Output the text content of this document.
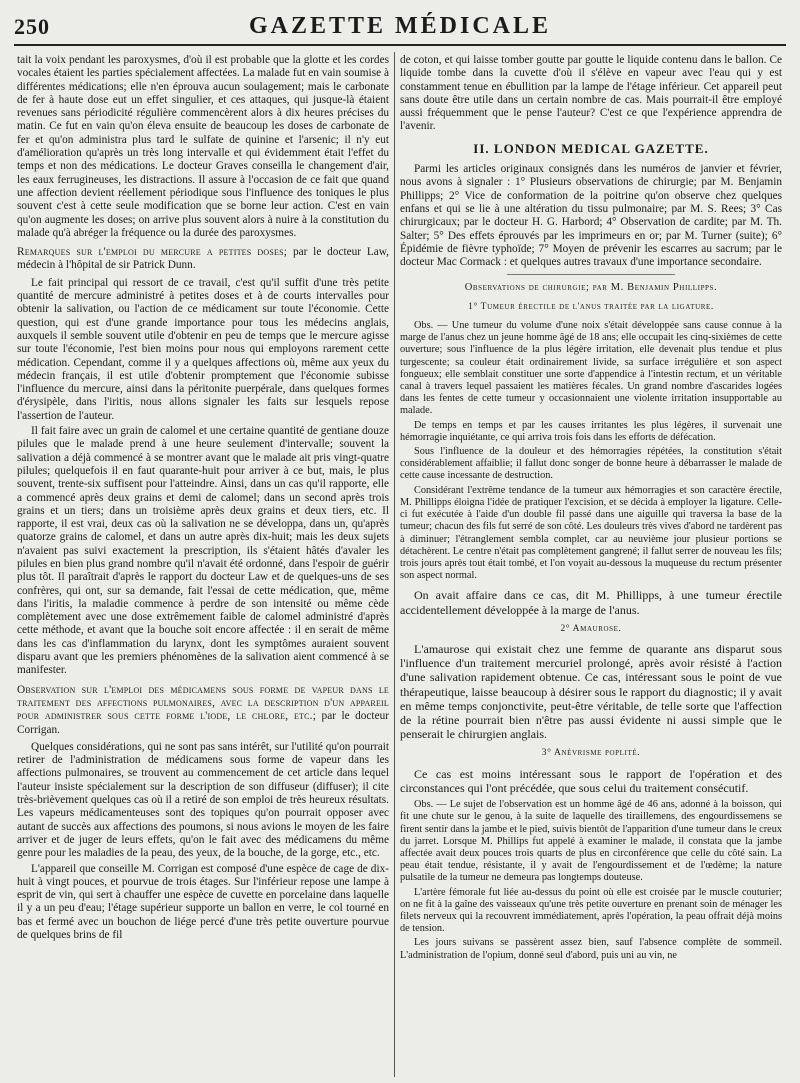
250	GAZETTE MÉDICALE

tait la voix pendant les paroxysmes, d'où il est probable que la glotte et les cordes vocales étaient les parties spécialement affectées. La malade fut en vain soumise à différentes médications; elle n'en éprouva aucun soulagement; mais le carbonate de fer à haute dose eut un effet singulier, et ces attaques, qui jusque-là étaient revenues sans périodicité régulière commencèrent alors à dix heures précises du matin. Ce fut en vain qu'on éleva ensuite de beaucoup les doses de carbonate de fer et qu'on administra plus tard le sulfate de quinine et l'arsenic; il n'y eut d'amélioration qu'après un très long intervalle et qui évidemment était l'effet du temps et non des médications. Le docteur Graves conseilla le changement d'air, les eaux ferrugineuses, les distractions. Il assure à l'occasion de ce fait que quand une affection devient réellement périodique sous l'influence des toniques le plus souvent c'est à cette seule modification que se borne leur action. C'est en vain qu'on augmente les doses; on arrive plus souvent alors à nuire à la constitution du malade qu'à abréger la fréquence ou la durée des paroxysmes.

Remarques sur l'emploi du mercure a petites doses; par le docteur Law, médecin à l'hôpital de sir Patrick Dunn.

Le fait principal qui ressort de ce travail, c'est qu'il suffit d'une très petite quantité de mercure administré à petites doses et à de courts intervalles pour obtenir la salivation, ou l'action de ce médicament sur toute l'économie. Cette question, qui est d'une grande importance pour tous les médecins anglais, auxquels il semble souvent utile d'obtenir en peu de temps que le mercure agisse sur toute l'économie, l'est bien moins pour nous qui employons rarement cette médication. Cependant, comme il y a quelques affections où, même aux yeux du médecin français, il est utile d'obtenir promptement que l'économie subisse l'influence du mercure, ainsi dans la péritonite puerpérale, dans quelques formes d'érysipèle, dans l'iritis, nous allons signaler les faits sur lesquels repose l'assertion de l'auteur.

Il fait faire avec un grain de calomel et une certaine quantité de gentiane douze pilules que le malade prend à une heure seulement d'intervalle; souvent la salivation a déjà commencé à se montrer avant que le malade ait pris vingt-quatre pilules; quelquefois il en faut quarante-huit pour arriver à ce but, mais, le plus souvent, trente-six suffisent pour l'atteindre. Ainsi, dans un cas qu'il rapporte, elle a commencé après deux grains et demi de calomel; dans un second après trois grains et un tiers; dans un troisième après deux grains et deux tiers, etc. Il rapporte, il est vrai, deux cas où la salivation ne se développa, dans un, qu'après quatorze grains de calomel, et dans un autre après dix-huit; mais les deux sujets n'avaient pas suivi exactement la prescription, ils s'étaient hâtés d'avaler les pilules en bien plus grand nombre qu'il n'avait été ordonné, dans l'espoir de guérir plus tôt. Il paraîtrait d'après le rapport du docteur Law et de quelques-uns de ses confrères, qui ont, sur sa demande, fait l'essai de cette médication, que, même dans l'iritis, la maladie commence à perdre de son intensité ou même cède complètement avec une dose extrêmement faible de calomel administré d'après cette méthode, et avant que la bouche soit encore affectée : il en serait de même dans les cas d'inflammation du larynx, dont les symptômes auraient souvent disparu avant que les premiers phénomènes de la salivation aient commencé à se manifester.

Observation sur l'emploi des médicamens sous forme de vapeur dans le traitement des affections pulmonaires, avec la description d'un appareil pour administrer sous cette forme l'iode, le chlore, etc.; par le docteur Corrigan.

Quelques considérations, qui ne sont pas sans intérêt, sur l'utilité qu'on pourrait retirer de l'administration de médicamens sous forme de vapeur dans les affections pulmonaires, se trouvent au commencement de cet article dans lequel l'auteur insiste spécialement sur la description de son diffuseur (diffuser); il cite très-brièvement quelques cas où il a retiré de son emploi de très heureux résultats. Les vapeurs médicamenteuses sont des topiques qu'on pourrait opposer avec autant de succès aux affections des poumons, si nous avions le moyen de les faire arriver et de juger de leurs effets, qu'on le fait avec des médicamens du même genre pour les maladies de la peau, des yeux, de la bouche, de la gorge, etc., etc.

L'appareil que conseille M. Corrigan est composé d'une espèce de cage de dix-huit à vingt pouces, et pourvue de trois étages. Sur l'inférieur repose une lampe à esprit de vin, qui sert à chauffer une espèce de cuvette en porcelaine dans laquelle il y a un peu d'eau; l'étage supérieur supporte un ballon en verre, le col tourné en bas et fermé avec un bouchon de liége percé d'une très petite ouverture pourvue de quelques brins de fil

de coton, et qui laisse tomber goutte par goutte le liquide contenu dans le ballon. Ce liquide tombe dans la cuvette d'où il s'élève en vapeur avec l'eau qui y est constamment tenue en ébullition par la lampe de l'étage inférieur. Cet appareil peut sans doute être utile dans un certain nombre de cas. Mais pourrait-il être employé aussi fréquemment que le pense l'auteur? C'est ce que l'expérience apprendra de l'avenir.

II. LONDON MEDICAL GAZETTE.

Parmi les articles originaux consignés dans les numéros de janvier et février, nous avons à signaler : 1° Plusieurs observations de chirurgie; par M. Benjamin Phillipps; 2° Vice de conformation de la poitrine qu'on observe chez quelques enfans et qui se lie à une altération du tissu pulmonaire; par M. S. Rees; 3° Cas chirurgicaux; par le docteur H. G. Harbord; 4° Observation de cardite; par M. Th. Salter; 5° Des effets éprouvés par les imprimeurs en or; par M. Turner (suite); 6° Épidémie de fièvre typhoïde; 7° Moyen de prévenir les escarres au sacrum; par le docteur Mac Cormack : et quelques autres travaux d'une importance secondaire.

Observations de chirurgie; par M. Benjamin Phillipps.
1° Tumeur érectile de l'anus traitée par la ligature.

Obs. — Une tumeur du volume d'une noix s'était développée sans cause connue à la marge de l'anus chez un jeune homme âgé de 18 ans; elle occupait les cinq-sixièmes de cette ouverture; sous l'influence de la plus légère irritation, elle devenait plus tendue et plus turgescente; sa couleur était ordinairement livide, sa surface irrégulière et son aspect fongueux; elle semblait constituer une sorte d'appendice à l'intestin rectum, et un véritable canal à travers lequel passaient les matières fécales. Un grand nombre d'ascarides logées dans les fentes de cette tumeur y occasionnaient une violente irritation insupportable au malade.

De temps en temps et par les causes irritantes les plus légères, il survenait une hémorragie inquiétante, ce qui arriva trois fois dans les efforts de défécation.

Sous l'influence de la douleur et des hémorragies répétées, la constitution s'était considérablement affaiblie; il fallut donc songer de bonne heure à débarrasser le malade de cette cause incessante de destruction.

Considérant l'extrême tendance de la tumeur aux hémorragies et son caractère érectile, M. Phillipps éloigna l'idée de pratiquer l'excision, et se décida à employer la ligature. Celle-ci fut exécutée à l'aide d'un double fil passé dans une aiguille qui traversa la base de la tumeur; chacun des fils fut serré de son côté. Les douleurs très vives d'abord ne tardèrent pas à diminuer; l'étranglement sembla complet, car au neuvième jour plusieur portions se détachèrent. Le centre n'était pas complètement gangrené; il fallut serrer de nouveau les fils; trois jours après tout était tombé, et l'on voyait au-dessous la muqueuse du rectum présenter son aspect normal.

On avait affaire dans ce cas, dit M. Phillipps, à une tumeur érectile accidentellement développée à la marge de l'anus.

2° Amaurose.

L'amaurose qui existait chez une femme de quarante ans disparut sous l'influence d'un traitement mercuriel prolongé, après avoir résisté à l'action d'une salivation rapidement obtenue. Ce cas, intéressant sous le point de vue thérapeutique, laisse beaucoup à désirer sous le rapport du diagnostic; il y avait en même temps conjonctivite, peut-être véritable, de telle sorte que l'affection de la rétine pourrait bien n'être pas aussi évidente ni aussi simple que le penserait le chirurgien anglais.

3° Anévrisme poplité.

Ce cas est moins intéressant sous le rapport de l'opération et des circonstances qui l'ont précédée, que sous celui du traitement consécutif.

Obs. — Le sujet de l'observation est un homme âgé de 46 ans, adonné à la boisson, qui fit une chute sur le genou, à la suite de laquelle des tiraillemens, des engourdissemens se firent sentir dans la jambe et le pied, suivis bientôt de l'apparition d'une tumeur dans le creux du jarret. Lorsque M. Phillips fut appelé à examiner le malade, il constata que la jambe affectée avait deux pouces trois quarts de plus en circonférence que celle du côté sain. La peau était tendue, résistante, il y avait de l'engourdissement et de l'œdème; la nature pulsatile de la tumeur ne demeura pas longtemps douteuse.

L'artère fémorale fut liée au-dessus du point où elle est croisée par le muscle couturier; on ne fit à la gaîne des vaisseaux qu'une très petite ouverture en prenant soin de ménager les filets nerveux qui la recouvrent immédiatement, après l'opération, la peau offrait déjà moins de tension.

Les jours suivans se passèrent assez bien, sauf l'absence complète de sommeil. L'administration de l'opium, donné seul d'abord, puis uni au vin, ne
